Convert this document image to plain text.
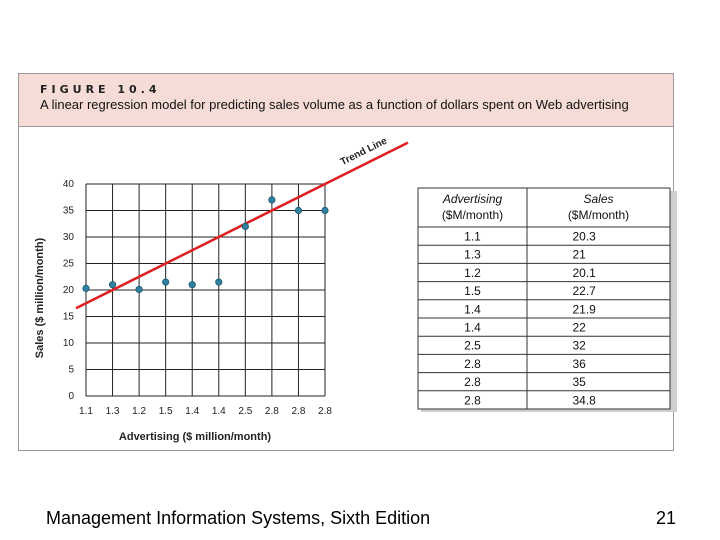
FIGURE 10.4
A linear regression model for predicting sales volume as a function of dollars spent on Web advertising
Trend Line
1.1 1.3 1.2 1.5 1.4 1.4 2.5 2.8 2.8 2.8
0
5
10
15
20
25
30
35
40
Advertising ($ million/month)
Sales ($ million/month)
Advertising
($M/month)
Sales
($M/month)
1.1	20.3
1.3	21
1.2	20.1
1.5	22.7
1.4	21.9
1.4	22
2.5	32
2.8	36
2.8	35
2.8	34.8
Management Information Systems, Sixth Edition	21
